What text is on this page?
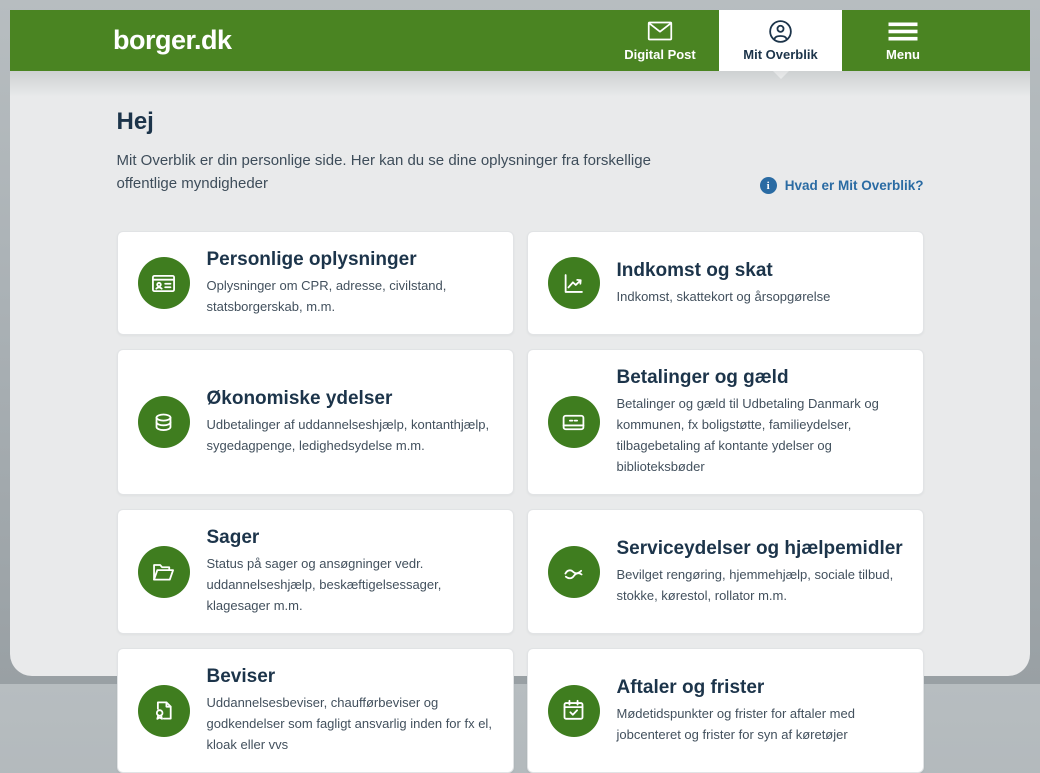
borger.dk	Digital Post	Mit Overblik	Menu
Hej

Mit Overblik er din personlige side. Her kan du se dine oplysninger fra forskellige offentlige myndigheder	i	Hvad er Mit Overblik?
Personlige oplysninger
Oplysninger om CPR, adresse, civilstand, statsborgerskab, m.m.
Indkomst og skat
Indkomst, skattekort og årsopgørelse
Økonomiske ydelser
Udbetalinger af uddannelseshjælp, kontanthjælp, sygedagpenge, ledighedsydelse m.m.
Betalinger og gæld
Betalinger og gæld til Udbetaling Danmark og kommunen, fx boligstøtte, familieydelser, tilbagebetaling af kontante ydelser og biblioteksbøder
Sager
Status på sager og ansøgninger vedr. uddannelseshjælp, beskæftigelsessager, klagesager m.m.
Serviceydelser og hjælpemidler
Bevilget rengøring, hjemmehjælp, sociale tilbud, stokke, kørestol, rollator m.m.
Beviser
Uddannelsesbeviser, chaufførbeviser og godkendelser som fagligt ansvarlig inden for fx el, kloak eller vvs
Aftaler og frister
Mødetidspunkter og frister for aftaler med jobcenteret og frister for syn af køretøjer
